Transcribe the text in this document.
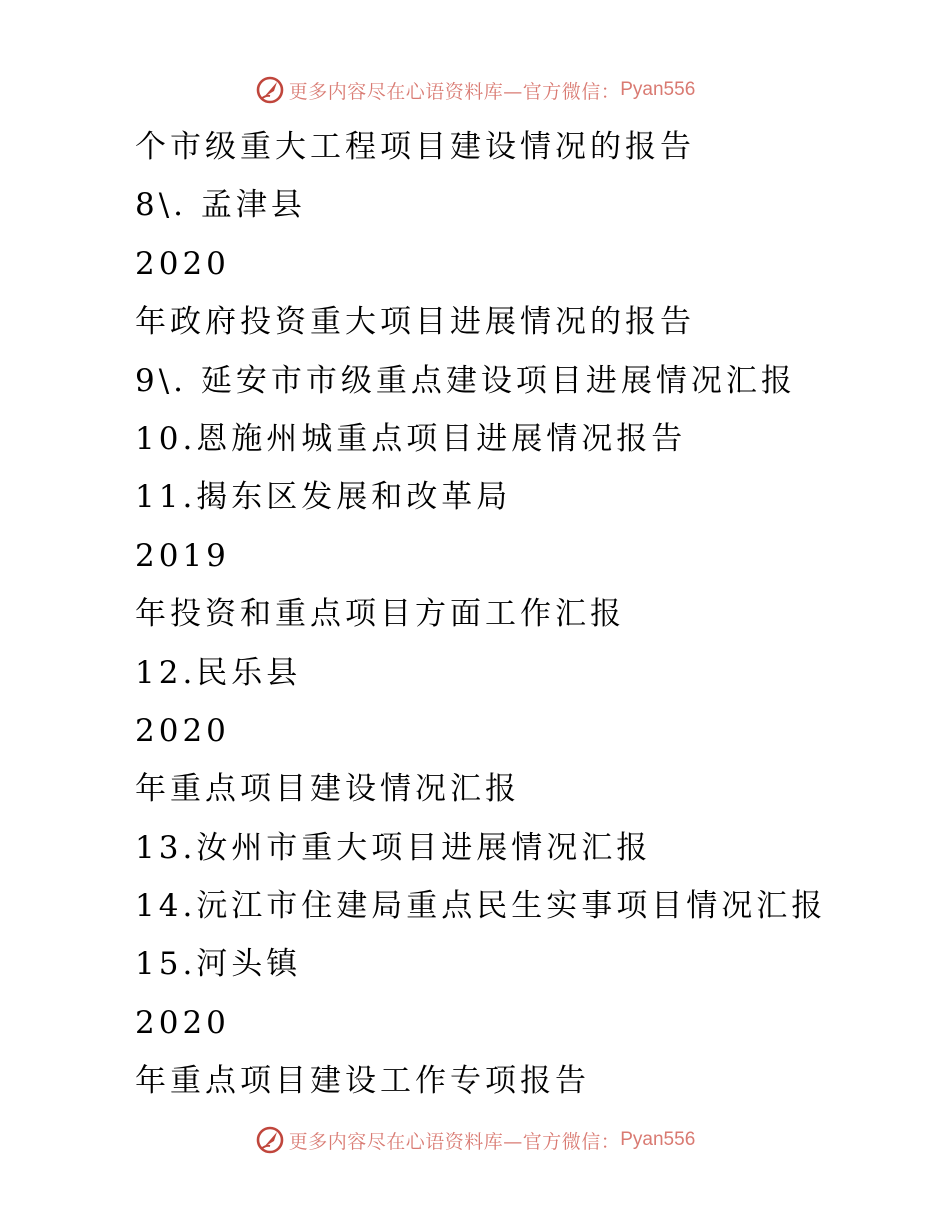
更多内容尽在心语资料库—官方微信： Pyan556
个市级重大工程项目建设情况的报告
8\. 孟津县
2020
年政府投资重大项目进展情况的报告
9\. 延安市市级重点建设项目进展情况汇报
10.恩施州城重点项目进展情况报告
11.揭东区发展和改革局
2019
年投资和重点项目方面工作汇报
12.民乐县
2020
年重点项目建设情况汇报
13.汝州市重大项目进展情况汇报
14.沅江市住建局重点民生实事项目情况汇报
15.河头镇
2020
年重点项目建设工作专项报告
更多内容尽在心语资料库—官方微信： Pyan556
